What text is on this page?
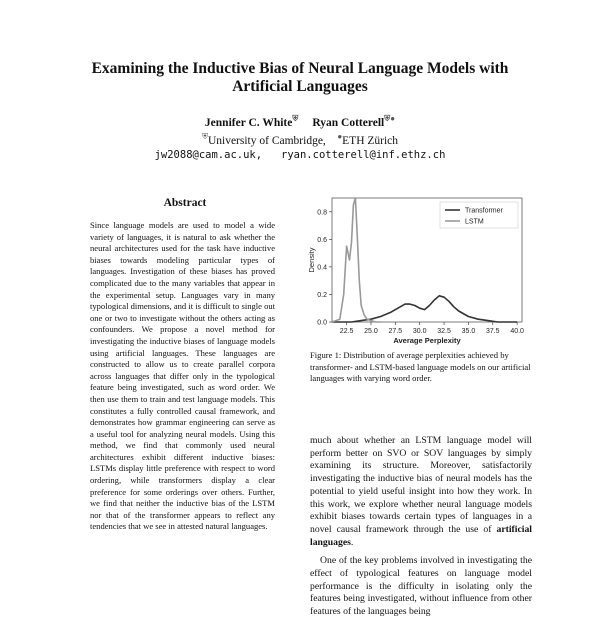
Examining the Inductive Bias of Neural Language Models with Artificial Languages
Jennifer C. White⛨ Ryan Cotterell⛨●
⛨University of Cambridge, ●ETH Zürich
jw2088@cam.ac.uk,   ryan.cotterell@inf.ethz.ch
Abstract
Since language models are used to model a wide variety of languages, it is natural to ask whether the neural architectures used for the task have inductive biases towards modeling particular types of languages. Investigation of these biases has proved complicated due to the many variables that appear in the experimental setup. Languages vary in many typological dimensions, and it is difficult to single out one or two to investigate without the others acting as confounders. We propose a novel method for investigating the inductive biases of language models using artificial languages. These languages are constructed to allow us to create parallel corpora across languages that differ only in the typological feature being investigated, such as word order. We then use them to train and test language models. This constitutes a fully controlled causal framework, and demonstrates how grammar engineering can serve as a useful tool for analyzing neural models. Using this method, we find that commonly used neural architectures exhibit different inductive biases: LSTMs display little preference with respect to word ordering, while transformers display a clear preference for some orderings over others. Further, we find that neither the inductive bias of the LSTM nor that of the transformer appears to reflect any tendencies that we see in attested natural languages.
22.5 25.0 27.5 30.0 32.5 35.0 37.5 40.0
0.0
0.2
0.4
0.6
0.8
Average Perplexity
Density
Transformer
LSTM
Figure 1: Distribution of average perplexities achieved by transformer- and LSTM-based language models on our artificial languages with varying word order.

much about whether an LSTM language model will perform better on SVO or SOV languages by simply examining its structure. Moreover, satisfactorily investigating the inductive bias of neural models has the potential to yield useful insight into how they work. In this work, we explore whether neural language models exhibit biases towards certain types of languages in a novel causal framework through the use of artificial languages.

One of the key problems involved in investigating the effect of typological features on language model performance is the difficulty in isolating only the features being investigated, without influence from other features of the languages being
